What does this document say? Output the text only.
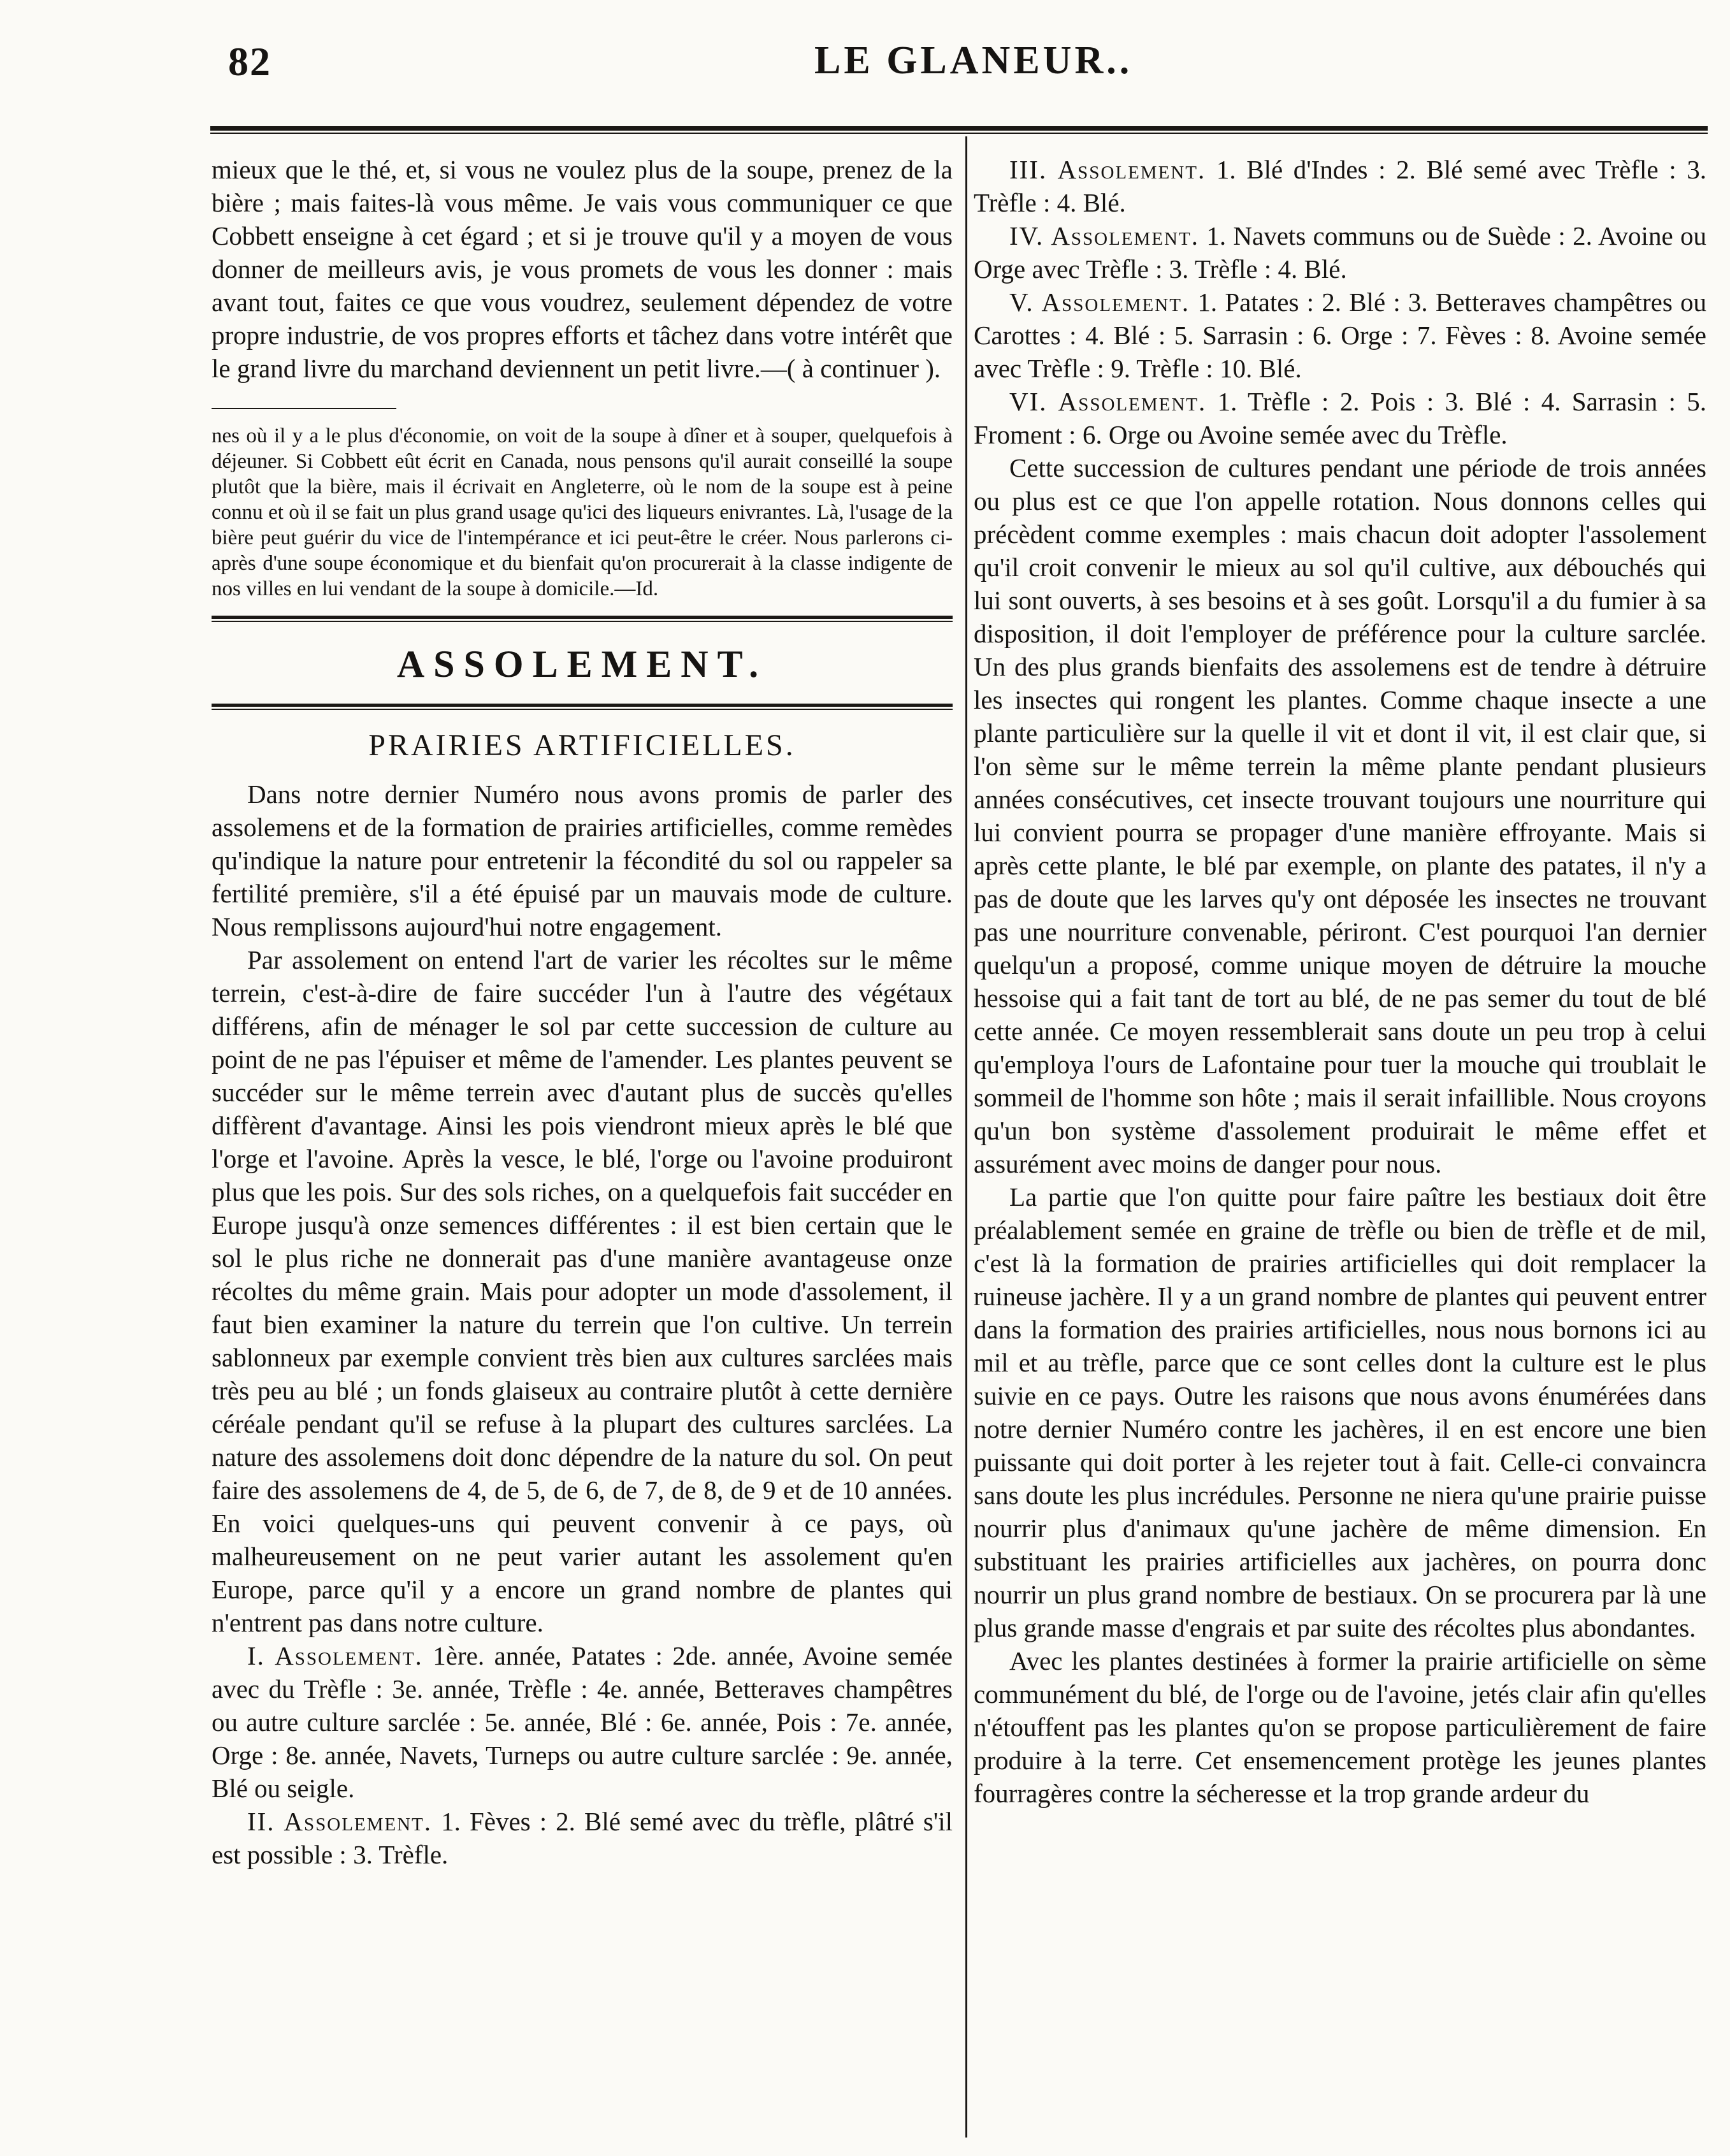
82	LE GLANEUR..

mieux que le thé, et, si vous ne voulez plus de la soupe, prenez de la bière ; mais faites-là vous même. Je vais vous communiquer ce que Cobbett enseigne à cet égard ; et si je trouve qu'il y a moyen de vous donner de meilleurs avis, je vous promets de vous les donner : mais avant tout, faites ce que vous voudrez, seulement dépendez de votre propre industrie, de vos propres efforts et tâchez dans votre intérêt que le grand livre du marchand deviennent un petit livre.—( à continuer ).

nes où il y a le plus d'économie, on voit de la soupe à dîner et à souper, quelquefois à déjeuner. Si Cobbett eût écrit en Canada, nous pensons qu'il aurait conseillé la soupe plutôt que la bière, mais il écrivait en Angleterre, où le nom de la soupe est à peine connu et où il se fait un plus grand usage qu'ici des liqueurs enivrantes. Là, l'usage de la bière peut guérir du vice de l'intempérance et ici peut-être le créer. Nous parlerons ci-après d'une soupe économique et du bienfait qu'on procurerait à la classe indigente de nos villes en lui vendant de la soupe à domicile.—Id.

ASSOLEMENT.
PRAIRIES ARTIFICIELLES.

Dans notre dernier Numéro nous avons promis de parler des assolemens et de la formation de prairies artificielles, comme remèdes qu'indique la nature pour entretenir la fécondité du sol ou rappeler sa fertilité première, s'il a été épuisé par un mauvais mode de culture. Nous remplissons aujourd'hui notre engagement.

Par assolement on entend l'art de varier les récoltes sur le même terrein, c'est-à-dire de faire succéder l'un à l'autre des végétaux différens, afin de ménager le sol par cette succession de culture au point de ne pas l'épuiser et même de l'amender. Les plantes peuvent se succéder sur le même terrein avec d'autant plus de succès qu'elles diffèrent d'avantage. Ainsi les pois viendront mieux après le blé que l'orge et l'avoine. Après la vesce, le blé, l'orge ou l'avoine produiront plus que les pois. Sur des sols riches, on a quelquefois fait succéder en Europe jusqu'à onze semences différentes : il est bien certain que le sol le plus riche ne donnerait pas d'une manière avantageuse onze récoltes du même grain. Mais pour adopter un mode d'assolement, il faut bien examiner la nature du terrein que l'on cultive. Un terrein sablonneux par exemple convient très bien aux cultures sarclées mais très peu au blé ; un fonds glaiseux au contraire plutôt à cette dernière céréale pendant qu'il se refuse à la plupart des cultures sarclées. La nature des assolemens doit donc dépendre de la nature du sol. On peut faire des assolemens de 4, de 5, de 6, de 7, de 8, de 9 et de 10 années. En voici quelques-uns qui peuvent convenir à ce pays, où malheureusement on ne peut varier autant les assolement qu'en Europe, parce qu'il y a encore un grand nombre de plantes qui n'entrent pas dans notre culture.

I. Assolement. 1ère. année, Patates : 2de. année, Avoine semée avec du Trèfle : 3e. année, Trèfle : 4e. année, Betteraves champêtres ou autre culture sarclée : 5e. année, Blé : 6e. année, Pois : 7e. année, Orge : 8e. année, Navets, Turneps ou autre culture sarclée : 9e. année, Blé ou seigle.

II. Assolement. 1. Fèves : 2. Blé semé avec du trèfle, plâtré s'il est possible : 3. Trèfle.

III. Assolement. 1. Blé d'Indes : 2. Blé semé avec Trèfle : 3. Trèfle : 4. Blé.

IV. Assolement. 1. Navets communs ou de Suède : 2. Avoine ou Orge avec Trèfle : 3. Trèfle : 4. Blé.

V. Assolement. 1. Patates : 2. Blé : 3. Betteraves champêtres ou Carottes : 4. Blé : 5. Sarrasin : 6. Orge : 7. Fèves : 8. Avoine semée avec Trèfle : 9. Trèfle : 10. Blé.

VI. Assolement. 1. Trèfle : 2. Pois : 3. Blé : 4. Sarrasin : 5. Froment : 6. Orge ou Avoine semée avec du Trèfle.

Cette succession de cultures pendant une période de trois années ou plus est ce que l'on appelle rotation. Nous donnons celles qui précèdent comme exemples : mais chacun doit adopter l'assolement qu'il croit convenir le mieux au sol qu'il cultive, aux débouchés qui lui sont ouverts, à ses besoins et à ses goût. Lorsqu'il a du fumier à sa disposition, il doit l'employer de préférence pour la culture sarclée. Un des plus grands bienfaits des assolemens est de tendre à détruire les insectes qui rongent les plantes. Comme chaque insecte a une plante particulière sur la quelle il vit et dont il vit, il est clair que, si l'on sème sur le même terrein la même plante pendant plusieurs années consécutives, cet insecte trouvant toujours une nourriture qui lui convient pourra se propager d'une manière effroyante. Mais si après cette plante, le blé par exemple, on plante des patates, il n'y a pas de doute que les larves qu'y ont déposée les insectes ne trouvant pas une nourriture convenable, périront. C'est pourquoi l'an dernier quelqu'un a proposé, comme unique moyen de détruire la mouche hessoise qui a fait tant de tort au blé, de ne pas semer du tout de blé cette année. Ce moyen ressemblerait sans doute un peu trop à celui qu'employa l'ours de Lafontaine pour tuer la mouche qui troublait le sommeil de l'homme son hôte ; mais il serait infaillible. Nous croyons qu'un bon système d'assolement produirait le même effet et assurément avec moins de danger pour nous.

La partie que l'on quitte pour faire paître les bestiaux doit être préalablement semée en graine de trèfle ou bien de trèfle et de mil, c'est là la formation de prairies artificielles qui doit remplacer la ruineuse jachère. Il y a un grand nombre de plantes qui peuvent entrer dans la formation des prairies artificielles, nous nous bornons ici au mil et au trèfle, parce que ce sont celles dont la culture est le plus suivie en ce pays. Outre les raisons que nous avons énumérées dans notre dernier Numéro contre les jachères, il en est encore une bien puissante qui doit porter à les rejeter tout à fait. Celle-ci convaincra sans doute les plus incrédules. Personne ne niera qu'une prairie puisse nourrir plus d'animaux qu'une jachère de même dimension. En substituant les prairies artificielles aux jachères, on pourra donc nourrir un plus grand nombre de bestiaux. On se procurera par là une plus grande masse d'engrais et par suite des récoltes plus abondantes.

Avec les plantes destinées à former la prairie artificielle on sème communément du blé, de l'orge ou de l'avoine, jetés clair afin qu'elles n'étouffent pas les plantes qu'on se propose particulièrement de faire produire à la terre. Cet ensemencement protège les jeunes plantes fourragères contre la sécheresse et la trop grande ardeur du
